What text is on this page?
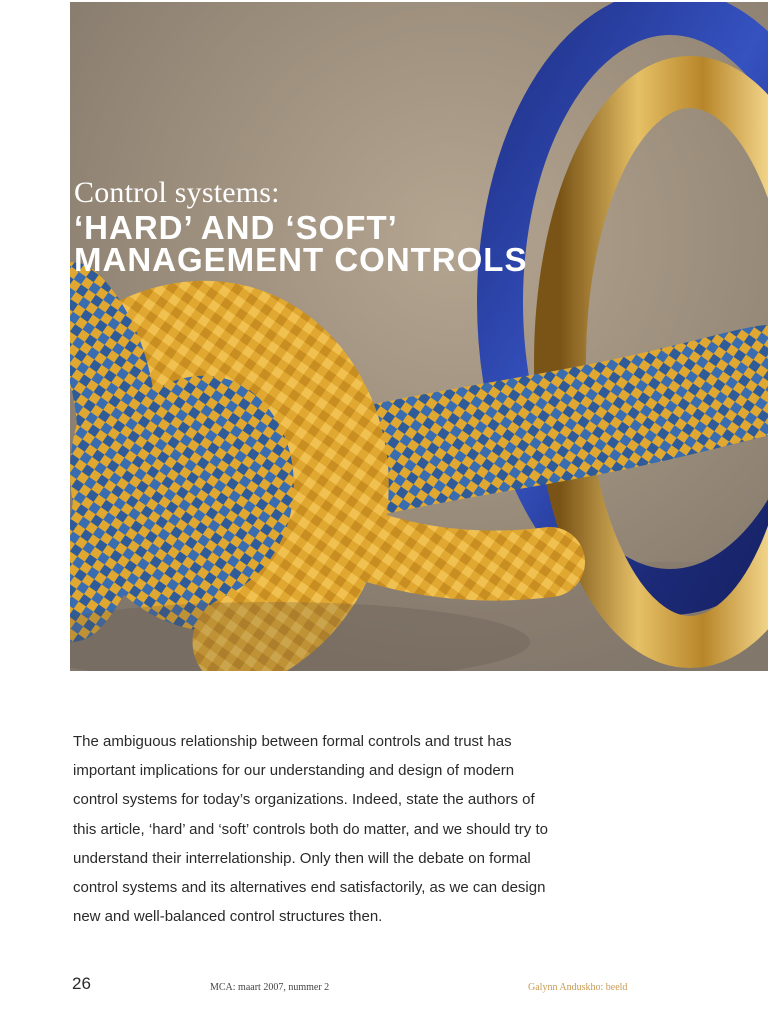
Control systems:
‘HARD’ AND ‘SOFT’
MANAGEMENT CONTROLS
The ambiguous relationship between formal controls and trust has
important implications for our understanding and design of modern
control systems for today’s organizations. Indeed, state the authors of
this article, ‘hard’ and ‘soft’ controls both do matter, and we should try to
understand their interrelationship. Only then will the debate on formal
control systems and its alternatives end satisfactorily, as we can design
new and well-balanced control structures then.
26	MCA: maart 2007, nummer 2	Galynn Anduskho: beeld
